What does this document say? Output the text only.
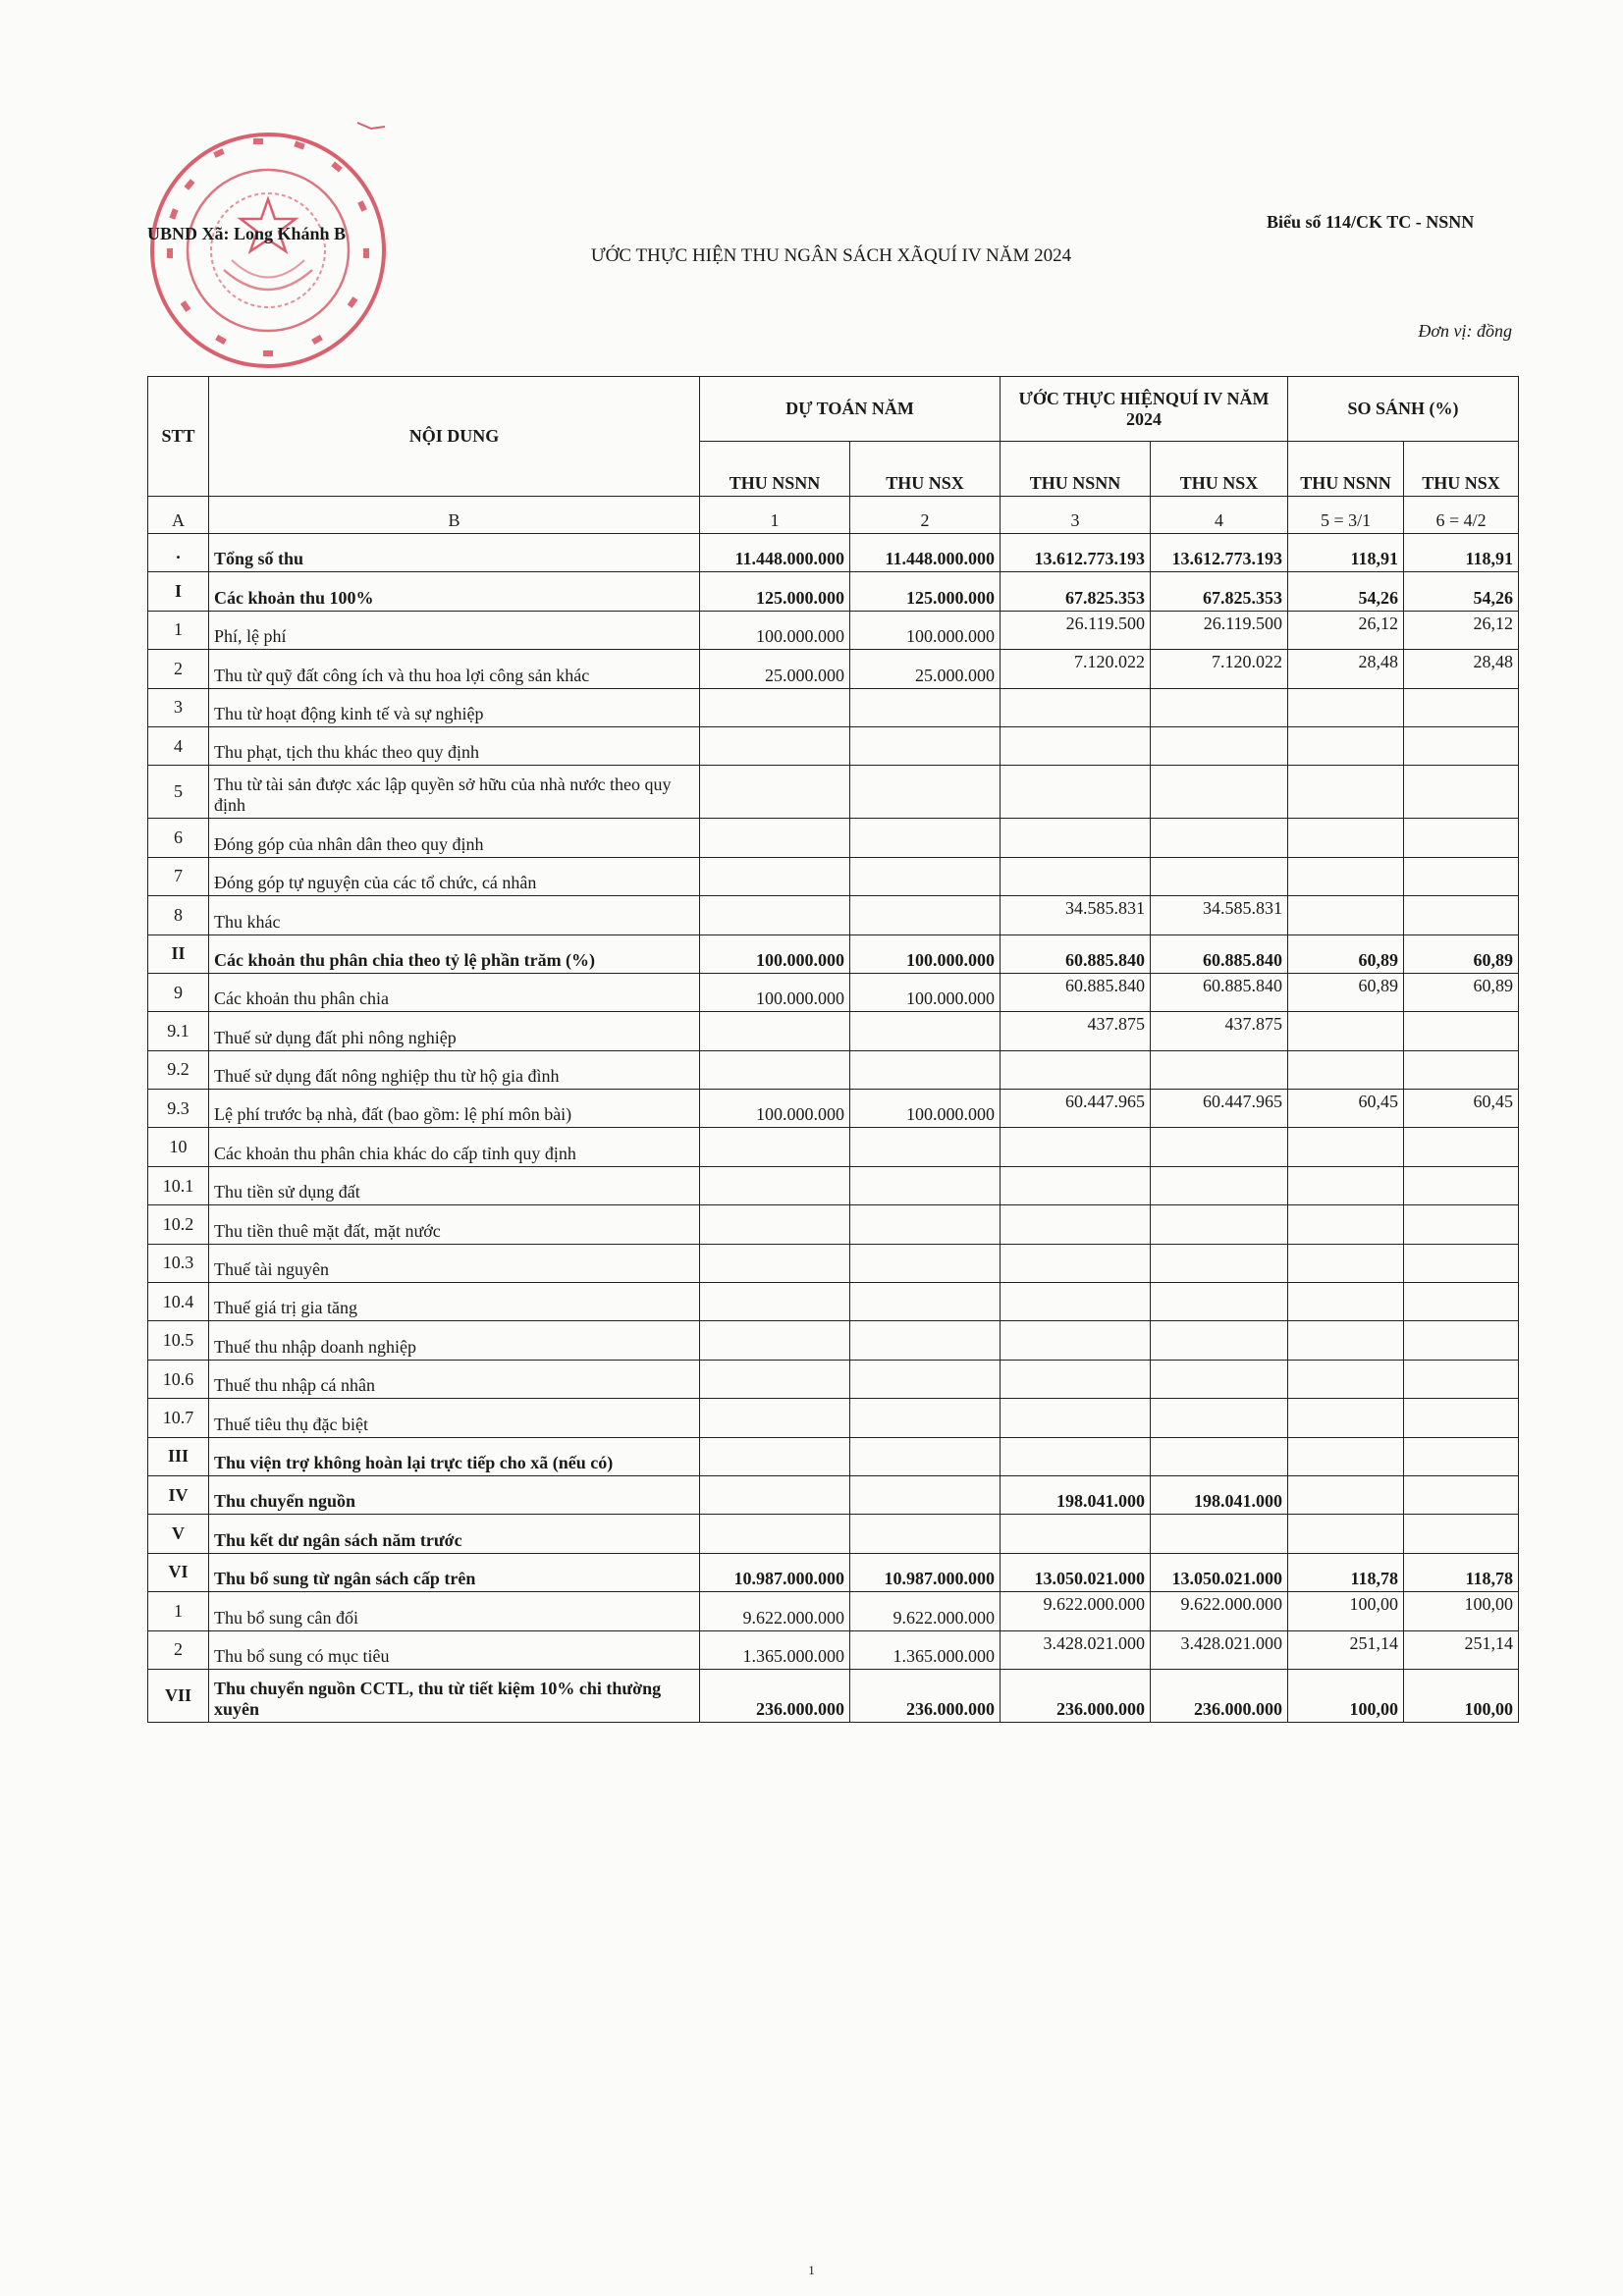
UBND Xã: Long Khánh B
Biểu số 114/CK TC - NSNN
ƯỚC THỰC HIỆN THU NGÂN SÁCH XÃQUÍ IV NĂM 2024
Đơn vị: đồng
STT	NỘI DUNG	DỰ TOÁN NĂM		ƯỚC THỰC HIỆNQUÍ IV NĂM 2024		SO SÁNH (%)	
		THU NSNN	THU NSX	THU NSNN	THU NSX	THU NSNN	THU NSX
A	B	1	2	3	4	5 = 3/1	6 = 4/2
.	Tổng số thu	11.448.000.000	11.448.000.000	13.612.773.193	13.612.773.193	118,91	118,91
I	Các khoản thu 100%	125.000.000	125.000.000	67.825.353	67.825.353	54,26	54,26
1	Phí, lệ phí	100.000.000	100.000.000	26.119.500	26.119.500	26,12	26,12
2	Thu từ quỹ đất công ích và thu hoa lợi công sản khác	25.000.000	25.000.000	7.120.022	7.120.022	28,48	28,48
3	Thu từ hoạt động kinh tế và sự nghiệp						
4	Thu phạt, tịch thu khác theo quy định						
5	Thu từ tài sản được xác lập quyền sở hữu của nhà nước theo quy định						
6	Đóng góp của nhân dân theo quy định						
7	Đóng góp tự nguyện của các tổ chức, cá nhân						
8	Thu khác			34.585.831	34.585.831		
II	Các khoản thu phân chia theo tỷ lệ phần trăm (%)	100.000.000	100.000.000	60.885.840	60.885.840	60,89	60,89
9	Các khoản thu phân chia	100.000.000	100.000.000	60.885.840	60.885.840	60,89	60,89
9.1	Thuế sử dụng đất phi nông nghiệp			437.875	437.875		
9.2	Thuế sử dụng đất nông nghiệp thu từ hộ gia đình						
9.3	Lệ phí trước bạ nhà, đất (bao gồm: lệ phí môn bài)	100.000.000	100.000.000	60.447.965	60.447.965	60,45	60,45
10	Các khoản thu phân chia khác do cấp tỉnh quy định						
10.1	Thu tiền sử dụng đất						
10.2	Thu tiền thuê mặt đất, mặt nước						
10.3	Thuế tài nguyên						
10.4	Thuế giá trị gia tăng						
10.5	Thuế thu nhập doanh nghiệp						
10.6	Thuế thu nhập cá nhân						
10.7	Thuế tiêu thụ đặc biệt						
III	Thu viện trợ không hoàn lại trực tiếp cho xã (nếu có)						
IV	Thu chuyển nguồn			198.041.000	198.041.000		
V	Thu kết dư ngân sách năm trước						
VI	Thu bổ sung từ ngân sách cấp trên	10.987.000.000	10.987.000.000	13.050.021.000	13.050.021.000	118,78	118,78
1	Thu bổ sung cân đối	9.622.000.000	9.622.000.000	9.622.000.000	9.622.000.000	100,00	100,00
2	Thu bổ sung có mục tiêu	1.365.000.000	1.365.000.000	3.428.021.000	3.428.021.000	251,14	251,14
VII	Thu chuyển nguồn CCTL, thu từ tiết kiệm 10% chi thường xuyên	236.000.000	236.000.000	236.000.000	236.000.000	100,00	100,00
1
